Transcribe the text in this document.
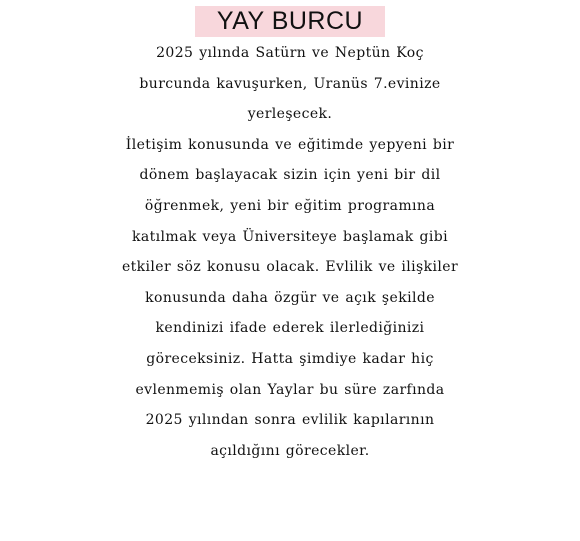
YAY BURCU
2025 yılında Satürn ve Neptün Koç
burcunda kavuşurken, Uranüs 7.evinize
yerleşecek.
İletişim konusunda ve eğitimde yepyeni bir
dönem başlayacak sizin için yeni bir dil
öğrenmek, yeni bir eğitim programına
katılmak veya Üniversiteye başlamak gibi
etkiler söz konusu olacak. Evlilik ve ilişkiler
konusunda daha özgür ve açık şekilde
kendinizi ifade ederek ilerlediğinizi
göreceksiniz. Hatta şimdiye kadar hiç
evlenmemiş olan Yaylar bu süre zarfında
2025 yılından sonra evlilik kapılarının
açıldığını görecekler.
